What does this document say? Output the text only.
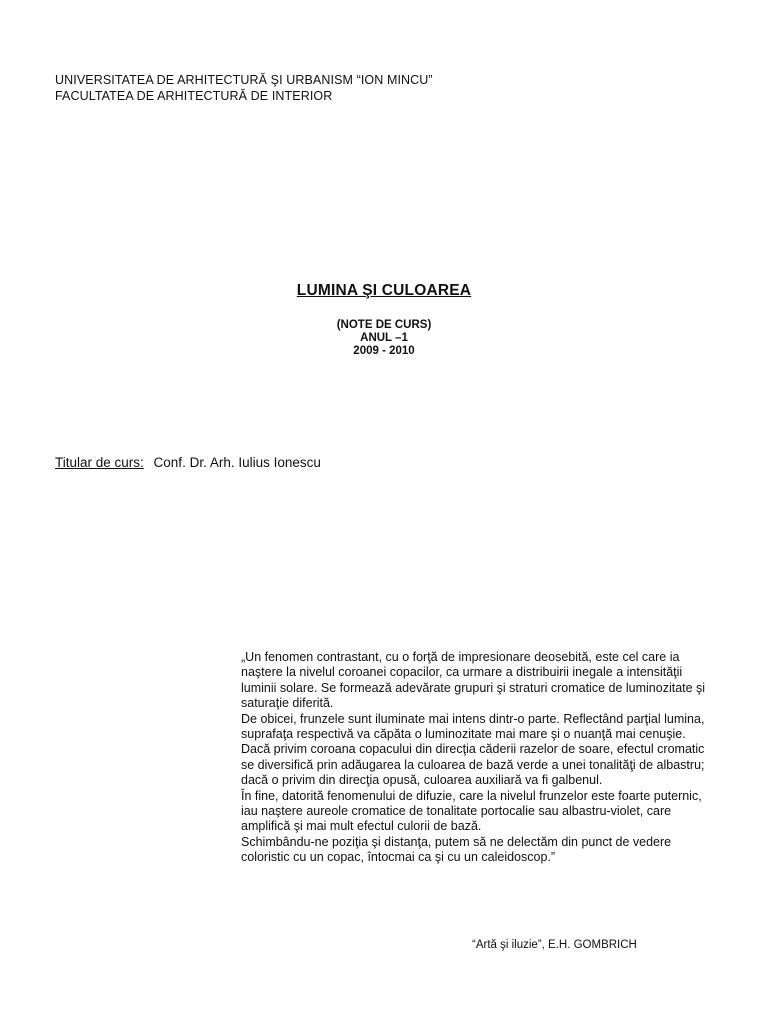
UNIVERSITATEA DE ARHITECTURĂ ŞI URBANISM “ION MINCU”
FACULTATEA DE ARHITECTURĂ DE INTERIOR
LUMINA ŞI CULOAREA
(NOTE DE CURS)
ANUL –1
2009 - 2010
Titular de curs: Conf. Dr. Arh. Iulius Ionescu

„Un fenomen contrastant, cu o forţă de impresionare deosebită, este cel care ia naştere la nivelul coroanei copacilor, ca urmare a distribuirii inegale a intensităţii luminii solare. Se formează adevărate grupuri şi straturi cromatice de luminozitate şi saturaţie diferită.

De obicei, frunzele sunt iluminate mai intens dintr-o parte. Reflectând parţial lumina, suprafaţa respectivă va căpăta o luminozitate mai mare şi o nuanţă mai cenuşie.

Dacă privim coroana copacului din direcţia căderii razelor de soare, efectul cromatic se diversifică prin adăugarea la culoarea de bază verde a unei tonalităţi de albastru; dacă o privim din direcţia opusă, culoarea auxiliară va fi galbenul.

În fine, datorită fenomenului de difuzie, care la nivelul frunzelor este foarte puternic, iau naştere aureole cromatice de tonalitate portocalie sau albastru-violet, care amplifică şi mai mult efectul culorii de bază.

Schimbându-ne poziţia şi distanţa, putem să ne delectăm din punct de vedere coloristic cu un copac, întocmai ca şi cu un caleidoscop.”

“Artă şi iluzie”, E.H. GOMBRICH
